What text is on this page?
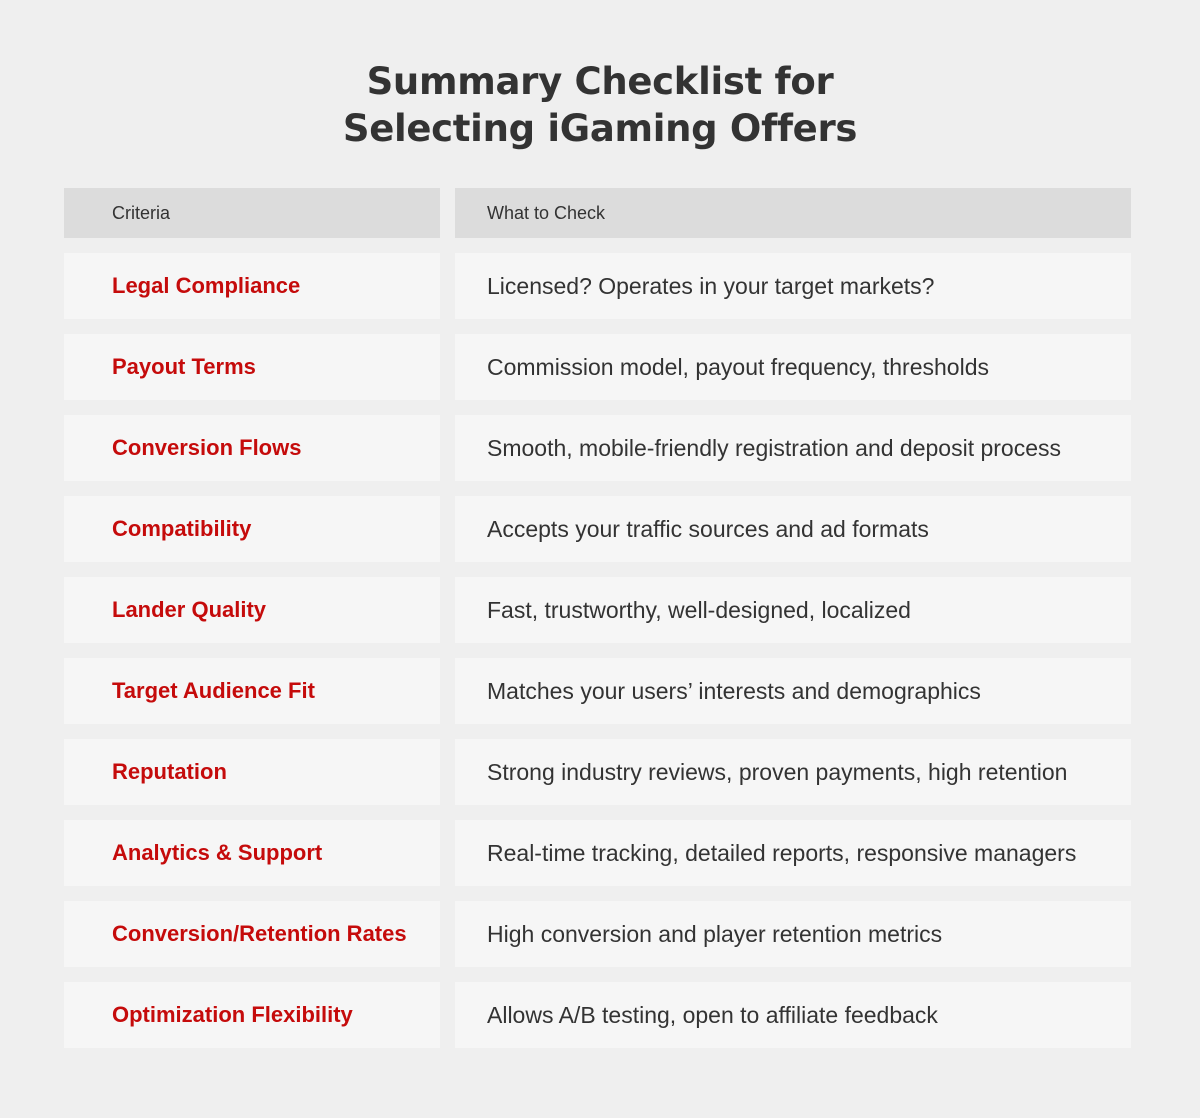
Summary Checklist for
Selecting iGaming Offers
Criteria	What to Check
Legal Compliance	Licensed? Operates in your target markets?
Payout Terms	Commission model, payout frequency, thresholds
Conversion Flows	Smooth, mobile-friendly registration and deposit process
Compatibility	Accepts your traffic sources and ad formats
Lander Quality	Fast, trustworthy, well-designed, localized
Target Audience Fit	Matches your users’ interests and demographics
Reputation	Strong industry reviews, proven payments, high retention
Analytics & Support	Real-time tracking, detailed reports, responsive managers
Conversion/Retention Rates	High conversion and player retention metrics
Optimization Flexibility	Allows A/B testing, open to affiliate feedback
